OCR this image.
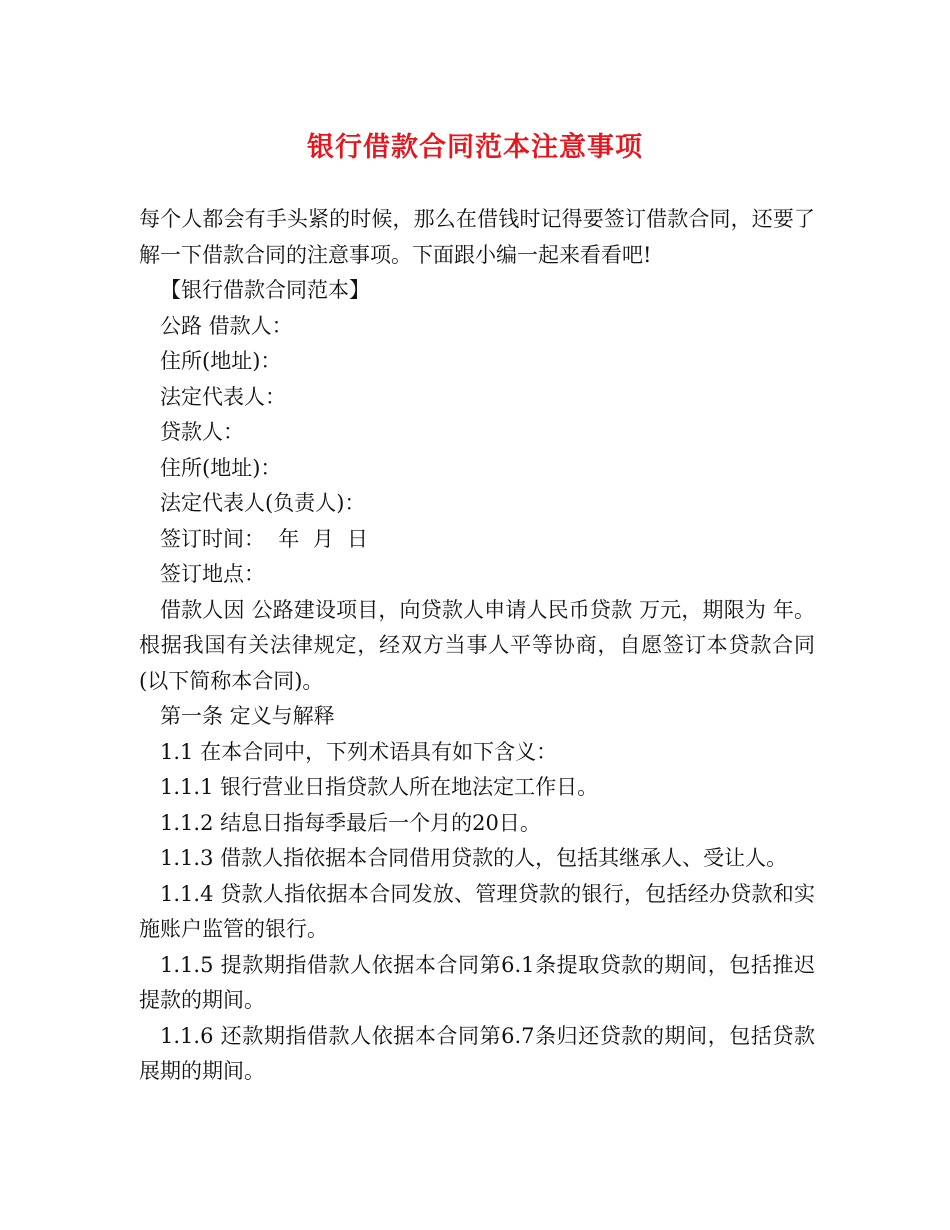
银行借款合同范本注意事项

每个人都会有手头紧的时候，那么在借钱时记得要签订借款合同，还要了解一下借款合同的注意事项。下面跟小编一起来看看吧!

【银行借款合同范本】

公路 借款人：

住所(地址)：

法定代表人：

贷款人：

住所(地址)：

法定代表人(负责人)：

签订时间：  年  月  日

签订地点：

借款人因 公路建设项目，向贷款人申请人民币贷款 万元，期限为 年。根据我国有关法律规定，经双方当事人平等协商，自愿签订本贷款合同(以下简称本合同)。

第一条 定义与解释

1.1 在本合同中，下列术语具有如下含义：

1.1.1 银行营业日指贷款人所在地法定工作日。

1.1.2 结息日指每季最后一个月的20日。

1.1.3 借款人指依据本合同借用贷款的人，包括其继承人、受让人。

1.1.4 贷款人指依据本合同发放、管理贷款的银行，包括经办贷款和实施账户监管的银行。

1.1.5 提款期指借款人依据本合同第6.1条提取贷款的期间，包括推迟提款的期间。

1.1.6 还款期指借款人依据本合同第6.7条归还贷款的期间，包括贷款展期的期间。
